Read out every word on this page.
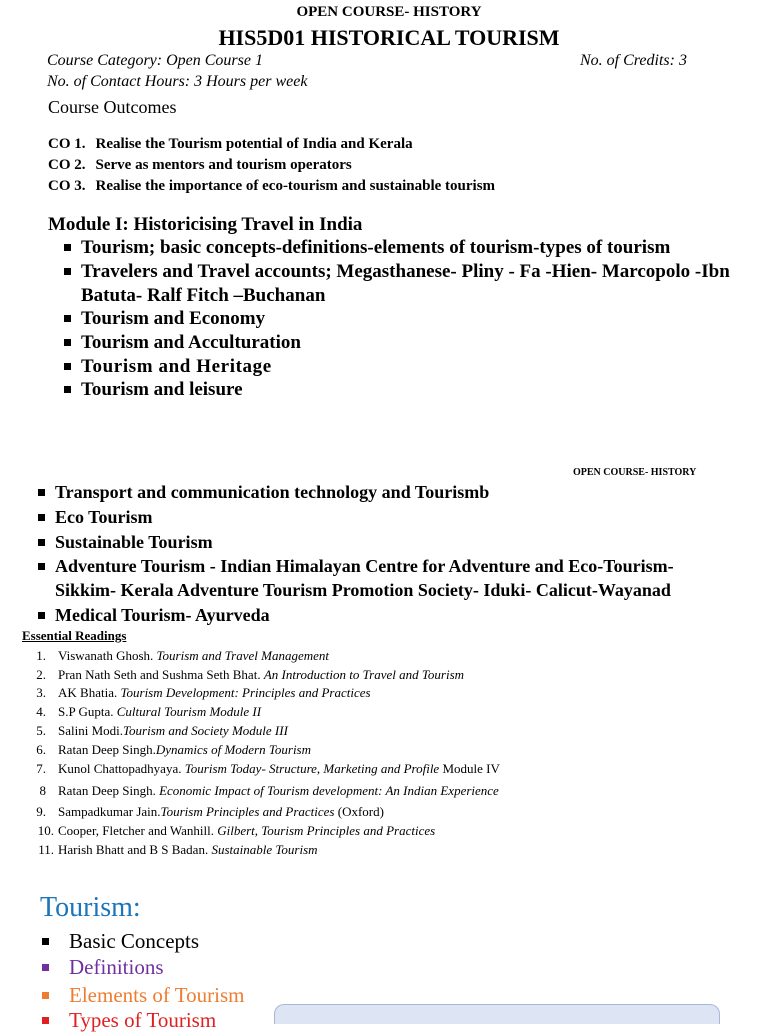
OPEN COURSE- HISTORY
HIS5D01 HISTORICAL TOURISM
Course Category: Open Course 1	No. of Credits: 3
No. of Contact Hours: 3 Hours per week
Course Outcomes
CO 1. Realise the Tourism potential of India and Kerala
CO 2. Serve as mentors and tourism operators
CO 3. Realise the importance of eco-tourism and sustainable tourism
Module I: Historicising Travel in India
Tourism; basic concepts-definitions-elements of tourism-types of tourism
Travelers and Travel accounts; Megasthanese- Pliny - Fa -Hien- Marcopolo -Ibn
Batuta- Ralf Fitch –Buchanan
Tourism and Economy
Tourism and Acculturation
Tourism and Heritage
Tourism and leisure
OPEN COURSE- HISTORY
Transport and communication technology and Tourismb
Eco Tourism
Sustainable Tourism
Adventure Tourism - Indian Himalayan Centre for Adventure and Eco-Tourism-
Sikkim- Kerala Adventure Tourism Promotion Society- Iduki- Calicut-Wayanad
Medical Tourism- Ayurveda
Essential Readings
1. Viswanath Ghosh. Tourism and Travel Management
2. Pran Nath Seth and Sushma Seth Bhat. An Introduction to Travel and Tourism
3. AK Bhatia. Tourism Development: Principles and Practices
4. S.P Gupta. Cultural Tourism Module II
5. Salini Modi.Tourism and Society Module III
6. Ratan Deep Singh.Dynamics of Modern Tourism
7. Kunol Chattopadhyaya. Tourism Today- Structure, Marketing and Profile Module IV
8 Ratan Deep Singh. Economic Impact of Tourism development: An Indian Experience
9. Sampadkumar Jain.Tourism Principles and Practices (Oxford)
10. Cooper, Fletcher and Wanhill. Gilbert, Tourism Principles and Practices
11. Harish Bhatt and B S Badan. Sustainable Tourism
Tourism:
Basic Concepts
Definitions
Elements of Tourism
Types of Tourism
